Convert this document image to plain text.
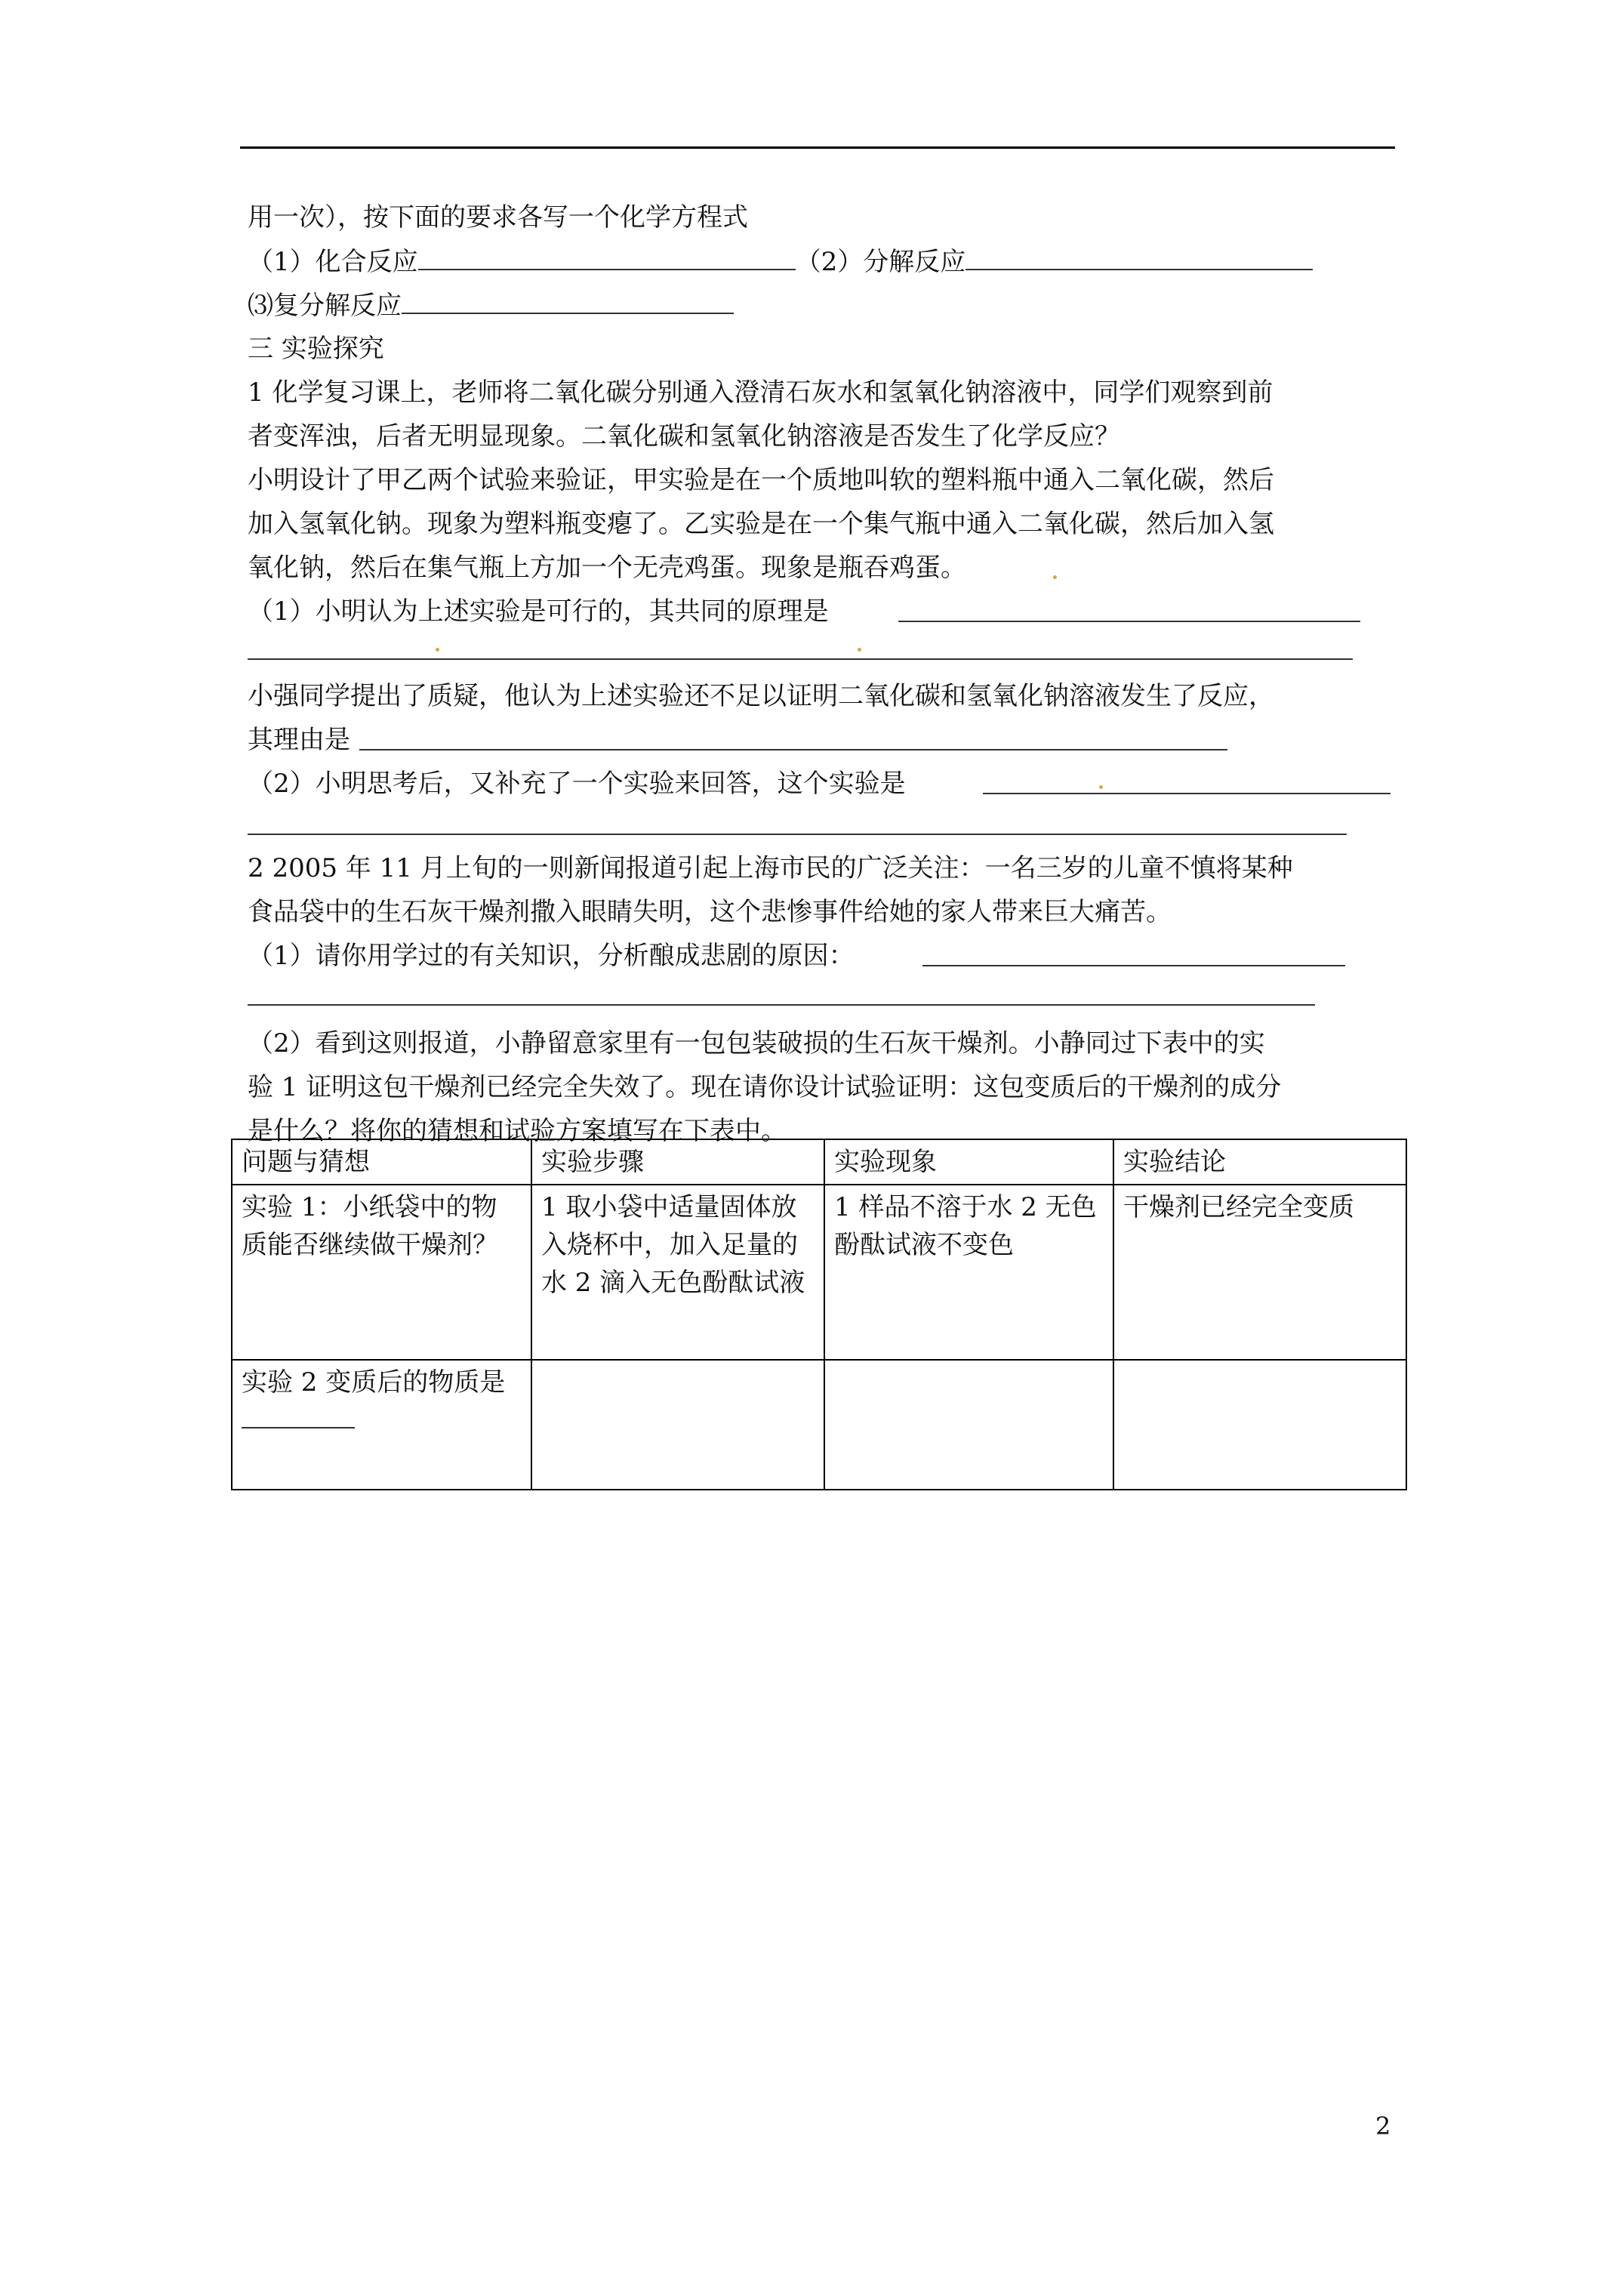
用一次），按下面的要求各写一个化学方程式
（1）化合反应	（2）分解反应
⑶复分解反应
三 实验探究
1 化学复习课上，老师将二氧化碳分别通入澄清石灰水和氢氧化钠溶液中，同学们观察到前
者变浑浊，后者无明显现象。二氧化碳和氢氧化钠溶液是否发生了化学反应？
小明设计了甲乙两个试验来验证，甲实验是在一个质地叫软的塑料瓶中通入二氧化碳，然后
加入氢氧化钠。现象为塑料瓶变瘪了。乙实验是在一个集气瓶中通入二氧化碳，然后加入氢
氧化钠，然后在集气瓶上方加一个无壳鸡蛋。现象是瓶吞鸡蛋。
（1）小明认为上述实验是可行的，其共同的原理是
小强同学提出了质疑，他认为上述实验还不足以证明二氧化碳和氢氧化钠溶液发生了反应，
其理由是
（2）小明思考后，又补充了一个实验来回答，这个实验是
2 2005 年 11 月上旬的一则新闻报道引起上海市民的广泛关注：一名三岁的儿童不慎将某种
食品袋中的生石灰干燥剂撒入眼睛失明，这个悲惨事件给她的家人带来巨大痛苦。
（1）请你用学过的有关知识，分析酿成悲剧的原因：
（2）看到这则报道，小静留意家里有一包包装破损的生石灰干燥剂。小静同过下表中的实
验 1 证明这包干燥剂已经完全失效了。现在请你设计试验证明：这包变质后的干燥剂的成分
是什么？将你的猜想和试验方案填写在下表中。
问题与猜想	实验步骤	实验现象	实验结论
实验 1：小纸袋中的物质能否继续做干燥剂？	1 取小袋中适量固体放入烧杯中，加入足量的水 2 滴入无色酚酞试液	1 样品不溶于水 2 无色酚酞试液不变色	干燥剂已经完全变质
实验 2 变质后的物质是			
2
